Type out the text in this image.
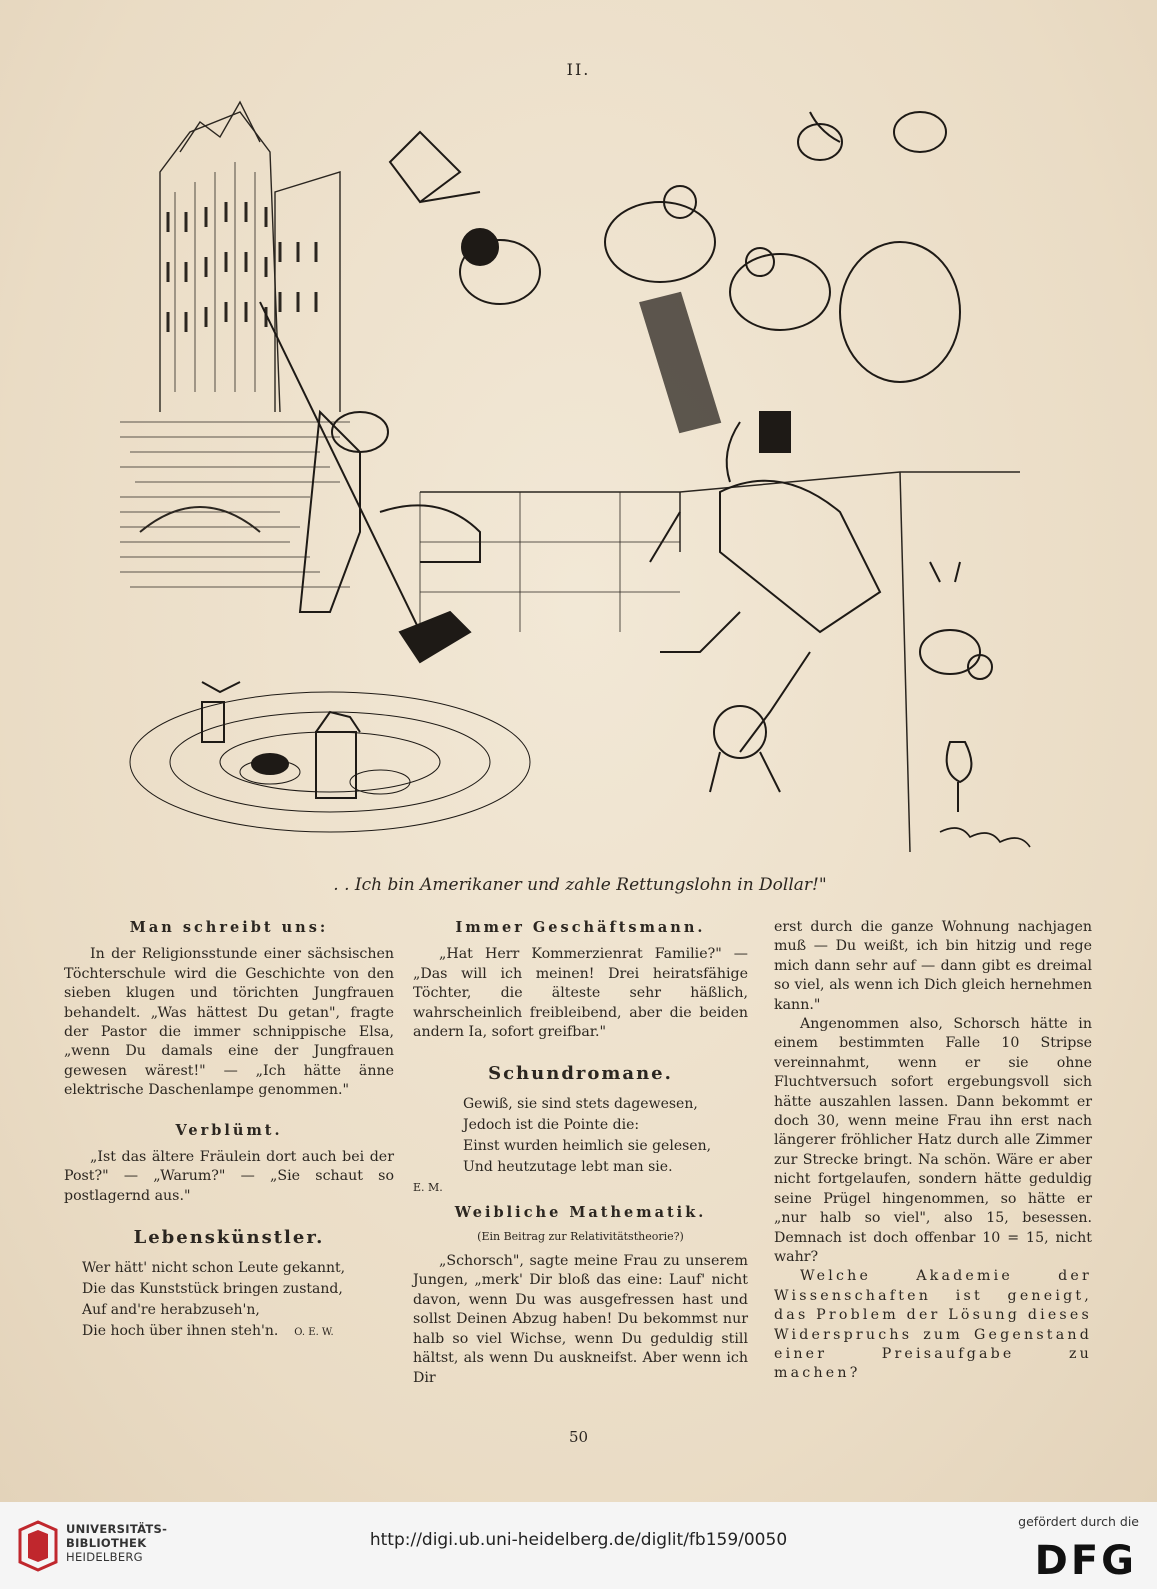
II.
. . Ich bin Amerikaner und zahle Rettungslohn in Dollar!"
Man schreibt uns:

In der Religionsstunde einer sächsischen Töchterschule wird die Geschichte von den sieben klugen und törichten Jungfrauen behandelt. „Was hättest Du getan", fragte der Pastor die immer schnippische Elsa, „wenn Du damals eine der Jungfrauen gewesen wärest!" — „Ich hätte änne elektrische Daschenlampe genommen."

Verblümt.

„Ist das ältere Fräulein dort auch bei der Post?" — „Warum?" — „Sie schaut so postlagernd aus."

Lebenskünstler.
Wer hätt' nicht schon Leute gekannt,
Die das Kunststück bringen zustand,
Auf and're herabzuseh'n,
Die hoch über ihnen steh'n. O. E. W.
Immer Geschäftsmann.

„Hat Herr Kommerzienrat Familie?" — „Das will ich meinen! Drei heiratsfähige Töchter, die älteste sehr häßlich, wahrscheinlich freibleibend, aber die beiden andern Ia, sofort greifbar."

Schundromane.
Gewiß, sie sind stets dagewesen,
Jedoch ist die Pointe die:
Einst wurden heimlich sie gelesen,
Und heutzutage lebt man sie.

E. M.

Weibliche Mathematik.
(Ein Beitrag zur Relativitätstheorie?)

„Schorsch", sagte meine Frau zu unserem Jungen, „merk' Dir bloß das eine: Lauf' nicht davon, wenn Du was ausgefressen hast und sollst Deinen Abzug haben! Du bekommst nur halb so viel Wichse, wenn Du geduldig still hältst, als wenn Du auskneifst. Aber wenn ich Dir

erst durch die ganze Wohnung nachjagen muß — Du weißt, ich bin hitzig und rege mich dann sehr auf — dann gibt es dreimal so viel, als wenn ich Dich gleich hernehmen kann."

Angenommen also, Schorsch hätte in einem bestimmten Falle 10 Stripse vereinnahmt, wenn er sie ohne Fluchtversuch sofort ergebungsvoll sich hätte auszahlen lassen. Dann bekommt er doch 30, wenn meine Frau ihn erst nach längerer fröhlicher Hatz durch alle Zimmer zur Strecke bringt. Na schön. Wäre er aber nicht fortgelaufen, sondern hätte geduldig seine Prügel hingenommen, so hätte er „nur halb so viel", also 15, besessen. Demnach ist doch offenbar 10 = 15, nicht wahr?

Welche Akademie der Wissenschaften ist geneigt, das Problem der Lösung dieses Widerspruchs zum Gegenstand einer Preisaufgabe zu machen?

50
UNIVERSITÄTS-
BIBLIOTHEK
HEIDELBERG
http://digi.ub.uni-heidelberg.de/diglit/fb159/0050
gefördert durch die
DFG
